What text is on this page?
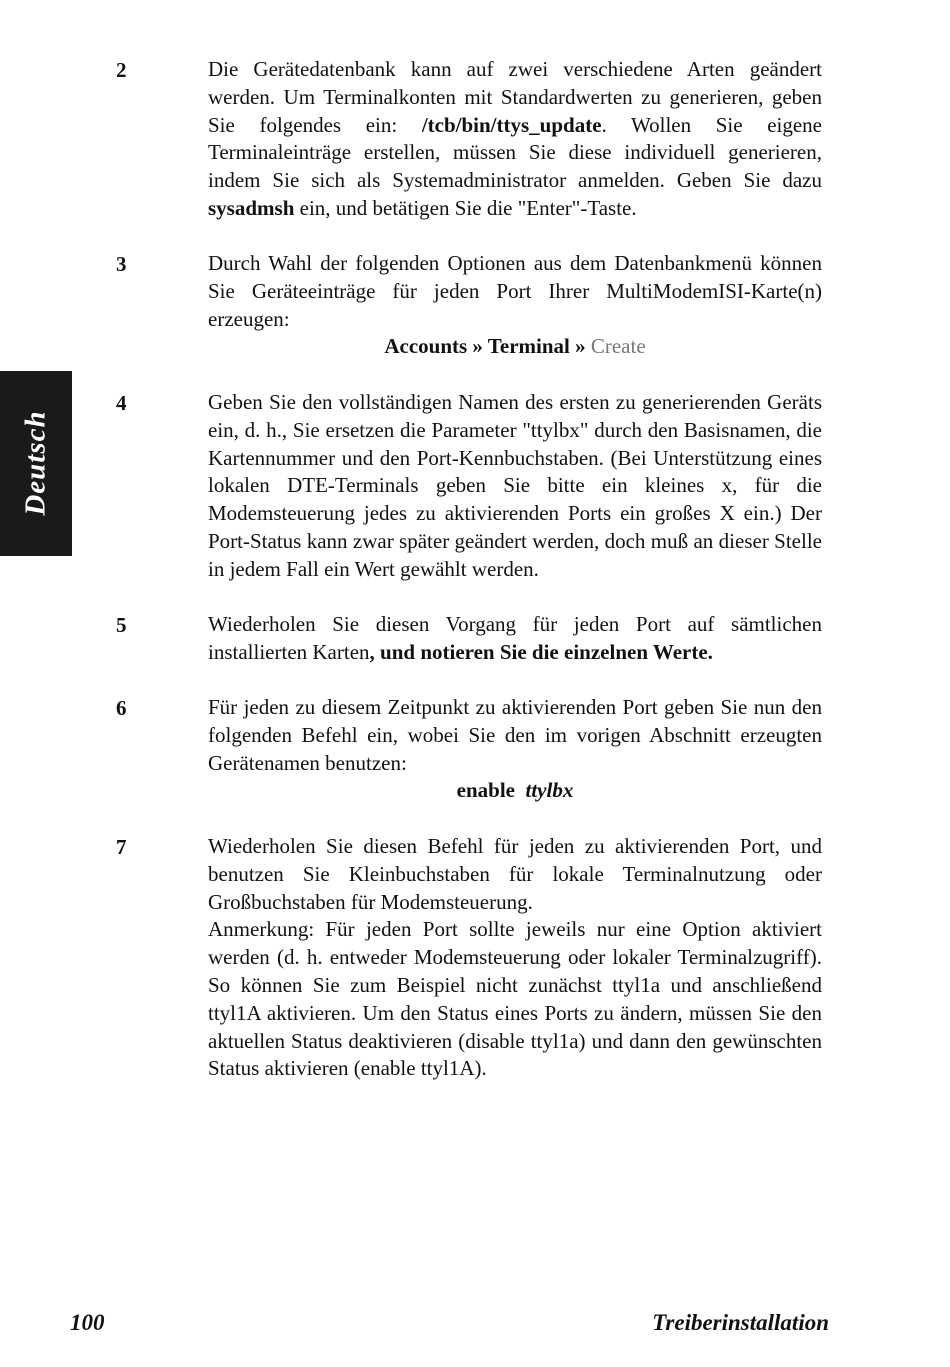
Deutsch
2	Die Gerätedatenbank kann auf zwei verschiedene Arten geändert werden. Um Terminalkonten mit Standardwerten zu generieren, geben Sie folgendes ein: /tcb/bin/ttys_update. Wollen Sie eigene Terminaleinträge erstellen, müssen Sie diese individuell generieren, indem Sie sich als Systemadministrator anmelden. Geben Sie dazu sysadmsh ein, und betätigen Sie die "Enter"-Taste.

3	Durch Wahl der folgenden Optionen aus dem Datenbankmenü können Sie Geräteeinträge für jeden Port Ihrer MultiModemISI-Karte(n) erzeugen:

Accounts » Terminal » Create
4	Geben Sie den vollständigen Namen des ersten zu generierenden Geräts ein, d. h., Sie ersetzen die Parameter "ttylbx" durch den Basisnamen, die Kartennummer und den Port-Kennbuchstaben. (Bei Unterstützung eines lokalen DTE-Terminals geben Sie bitte ein kleines x, für die Modemsteuerung jedes zu aktivierenden Ports ein großes X ein.) Der Port-Status kann zwar später geändert werden, doch muß an dieser Stelle in jedem Fall ein Wert gewählt werden.

5	Wiederholen Sie diesen Vorgang für jeden Port auf sämtlichen installierten Karten, und notieren Sie die einzelnen Werte.

6	Für jeden zu diesem Zeitpunkt zu aktivierenden Port geben Sie nun den folgenden Befehl ein, wobei Sie den im vorigen Abschnitt erzeugten Gerätenamen benutzen:

enable ttylbx
7	Wiederholen Sie diesen Befehl für jeden zu aktivierenden Port, und benutzen Sie Kleinbuchstaben für lokale Terminalnutzung oder Großbuchstaben für Modemsteuerung.

Anmerkung: Für jeden Port sollte jeweils nur eine Option aktiviert werden (d. h. entweder Modemsteuerung oder lokaler Terminalzugriff). So können Sie zum Beispiel nicht zunächst ttyl1a und anschließend ttyl1A aktivieren. Um den Status eines Ports zu ändern, müssen Sie den aktuellen Status deaktivieren (disable ttyl1a) und dann den gewünschten Status aktivieren (enable ttyl1A).

100	Treiberinstallation
